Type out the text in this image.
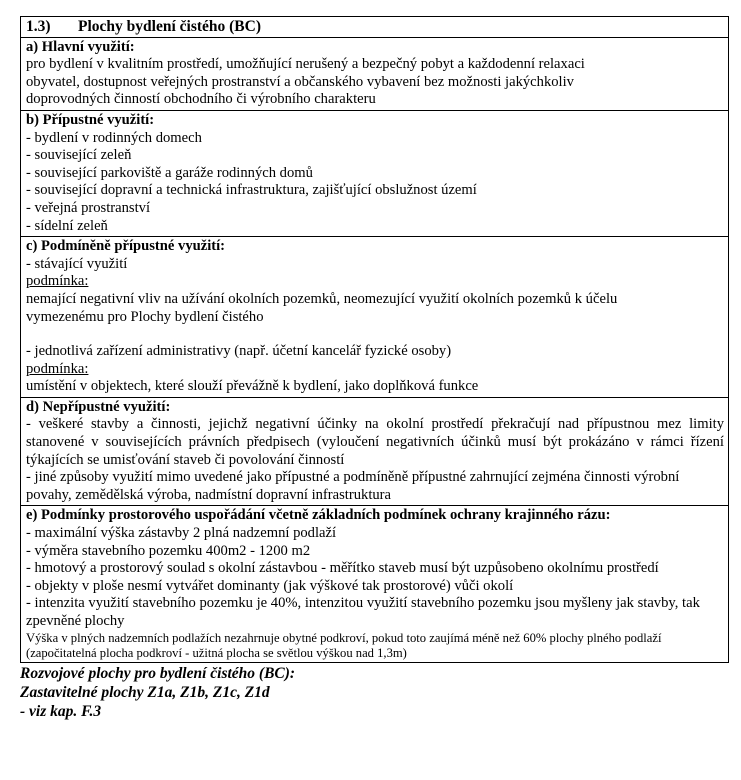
1.3) Plochy bydlení čistého (BC)

a) Hlavní využití:
pro bydlení v kvalitním prostředí, umožňující nerušený a bezpečný pobyt a každodenní relaxaci
obyvatel, dostupnost veřejných prostranství a občanského vybavení bez možnosti jakýchkoliv
doprovodných činností obchodního či výrobního charakteru

b) Přípustné využití:
- bydlení v rodinných domech
- související zeleň
- související parkoviště a garáže rodinných domů
- související dopravní a technická infrastruktura, zajišťující obslužnost území
- veřejná prostranství
- sídelní zeleň

c) Podmíněně přípustné využití:
- stávající využití
podmínka:
nemající negativní vliv na užívání okolních pozemků, neomezující využití okolních pozemků k účelu
vymezenému pro Plochy bydlení čistého
- jednotlivá zařízení administrativy (např. účetní kancelář fyzické osoby)
podmínka:
umístění v objektech, které slouží převážně k bydlení, jako doplňková funkce

d) Nepřípustné využití:
- veškeré stavby a činnosti, jejichž negativní účinky na okolní prostředí překračují nad přípustnou mez limity stanovené v souvisejících právních předpisech (vyloučení negativních účinků musí být prokázáno v rámci řízení týkajících se umisťování staveb či povolování činností
- jiné způsoby využití mimo uvedené jako přípustné a podmíněně přípustné zahrnující zejména činnosti výrobní povahy, zemědělská výroba, nadmístní dopravní infrastruktura

e) Podmínky prostorového uspořádání včetně základních podmínek ochrany krajinného rázu:
- maximální výška zástavby 2 plná nadzemní podlaží
- výměra stavebního pozemku 400m2 - 1200 m2
- hmotový a prostorový soulad s okolní zástavbou - měřítko staveb musí být uzpůsobeno okolnímu prostředí
- objekty v ploše nesmí vytvářet dominanty (jak výškové tak prostorové) vůči okolí
- intenzita využití stavebního pozemku je 40%, intenzitou využití stavebního pozemku jsou myšleny jak stavby, tak zpevněné plochy
Výška v plných nadzemních podlažích nezahrnuje obytné podkroví, pokud toto zaujímá méně než 60% plochy plného podlaží (započitatelná plocha podkroví - užitná plocha se světlou výškou nad 1,3m)
Rozvojové plochy pro bydlení čistého (BC):
Zastavitelné plochy Z1a, Z1b, Z1c, Z1d
- viz kap. F.3
